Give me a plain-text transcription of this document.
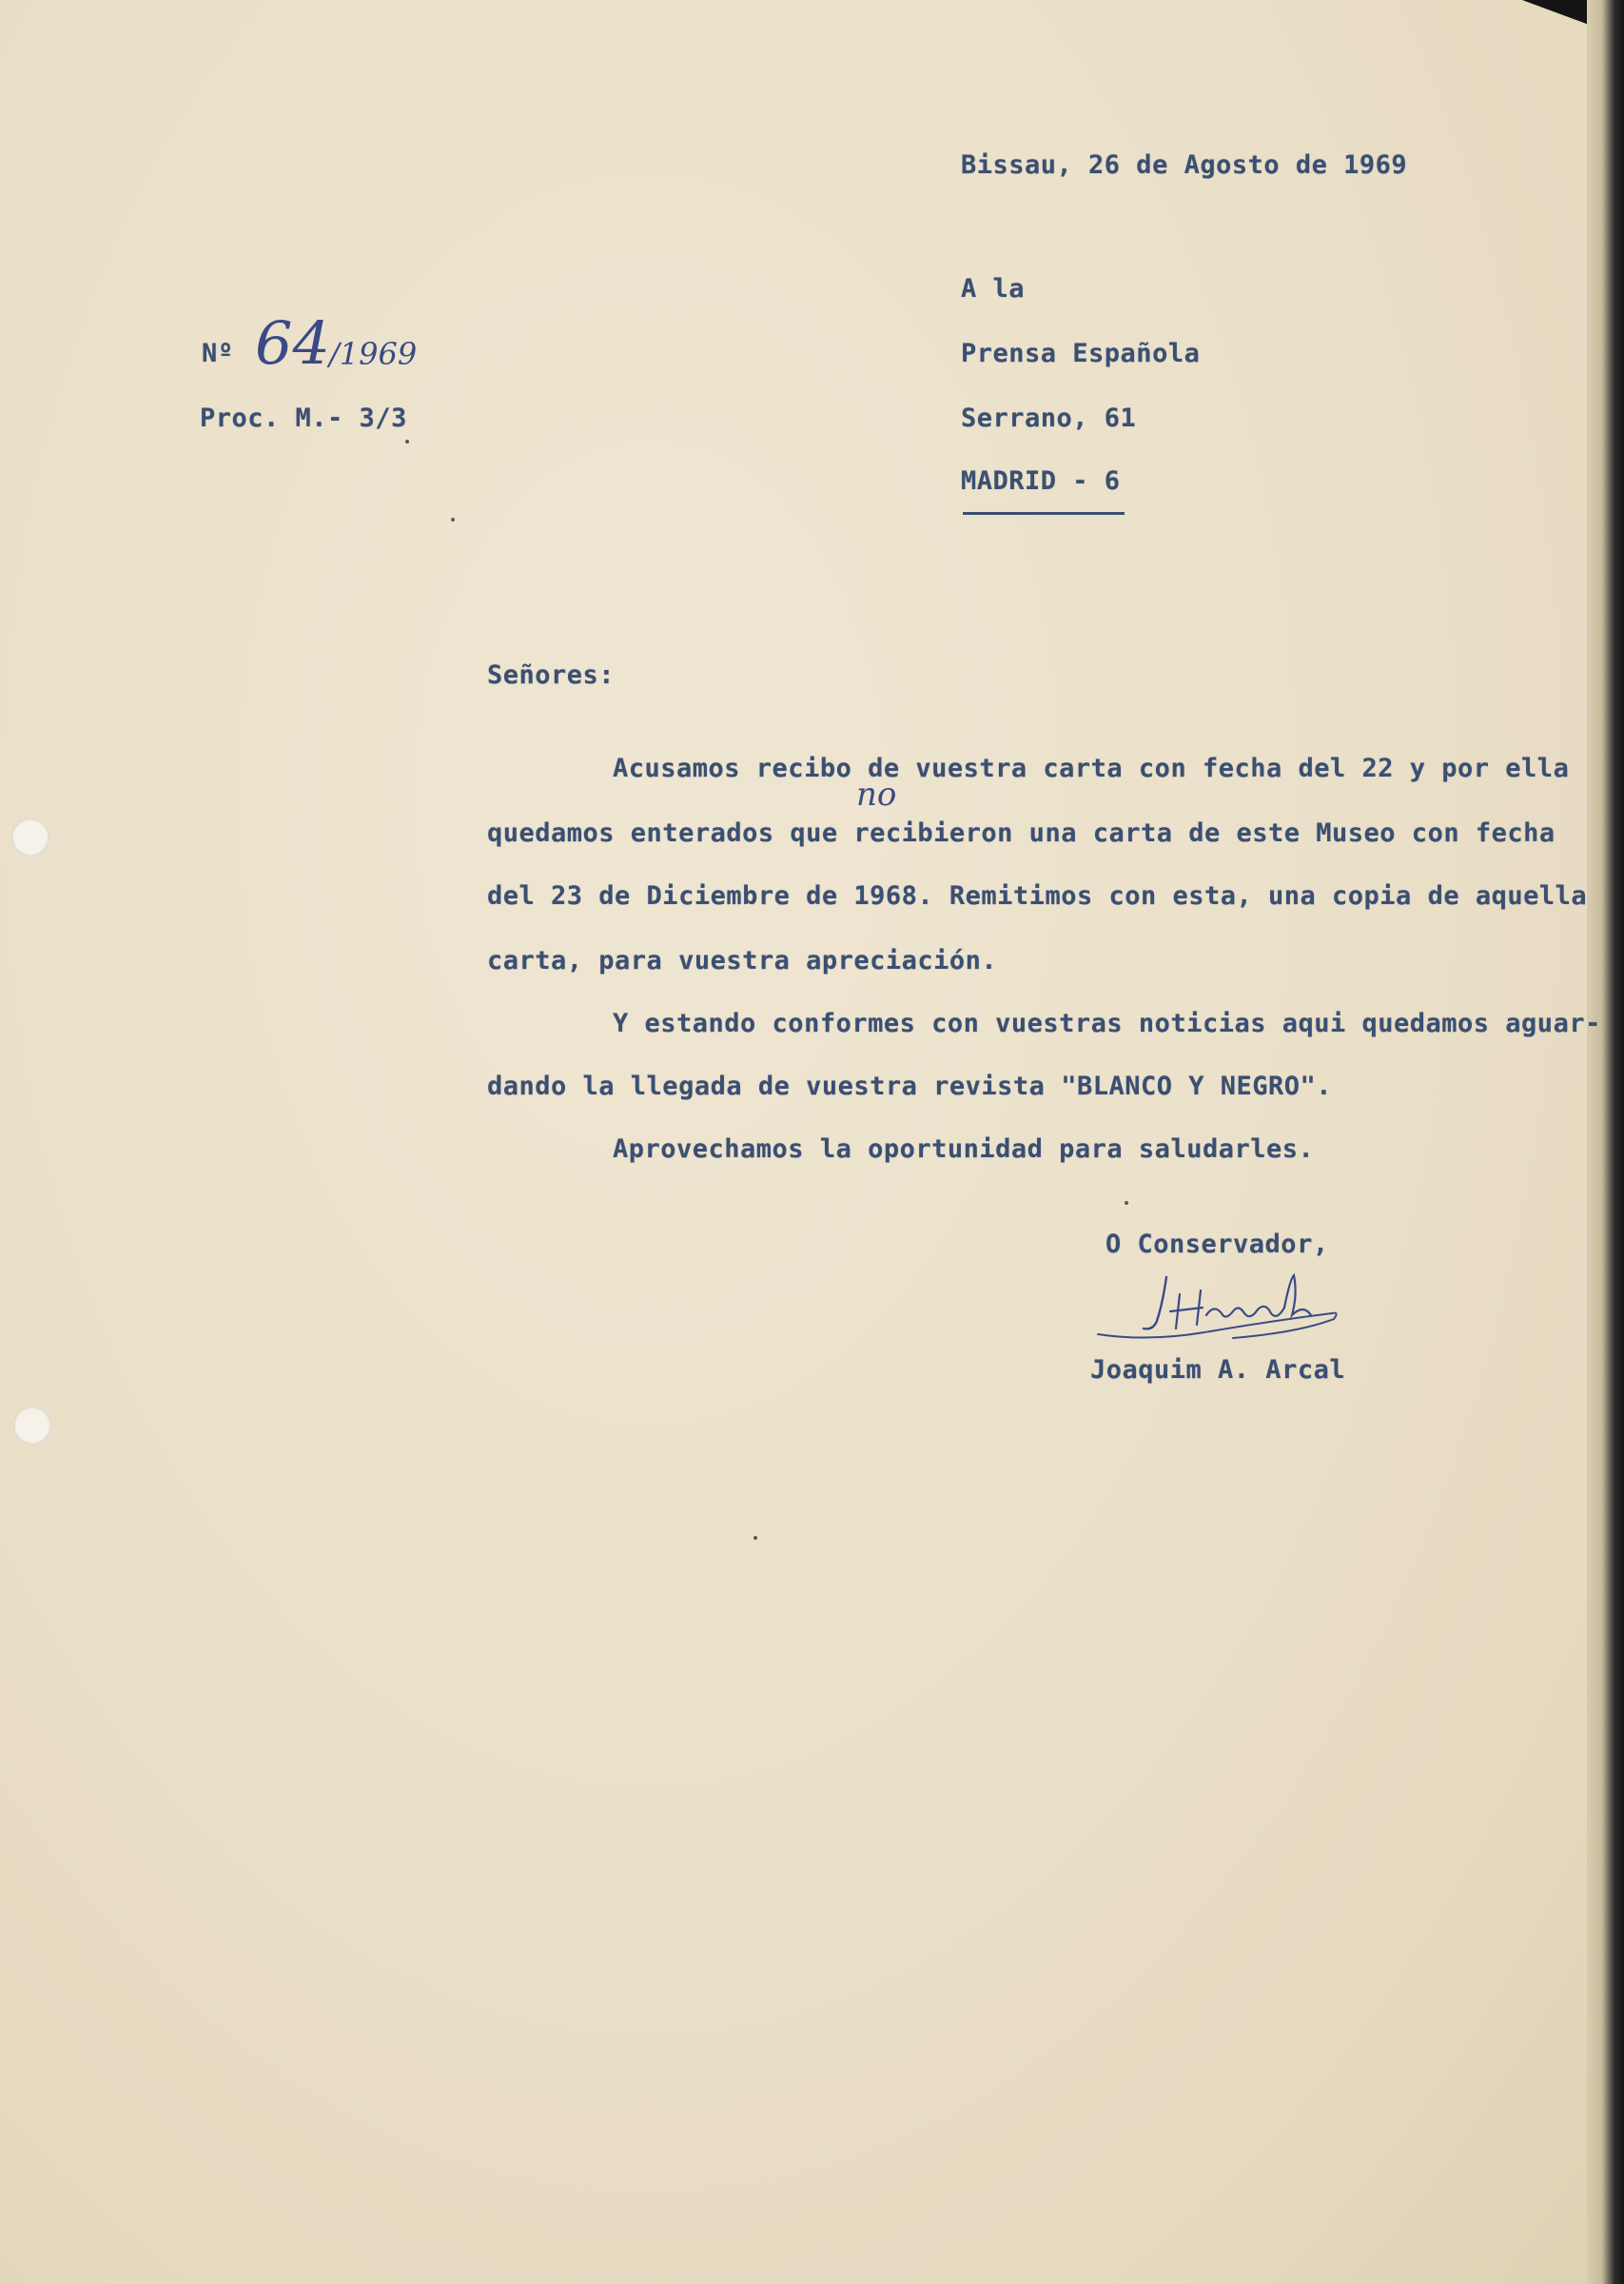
Bissau, 26 de Agosto de 1969
A la
Prensa Española
Serrano, 61
MADRID - 6
Nº 64 /1969
Proc. M.- 3/3
Señores:
Acusamos recibo de vuestra carta con fecha del 22 y por ella
quedamos enterados que recibieron una carta de este Museo con fecha
no
del 23 de Diciembre de 1968. Remitimos con esta, una copia de aquella
carta, para vuestra apreciación.
Y estando conformes con vuestras noticias aqui quedamos aguar-
dando la llegada de vuestra revista "BLANCO Y NEGRO".
Aprovechamos la oportunidad para saludarles.
O Conservador,
Joaquim A. Arcal
